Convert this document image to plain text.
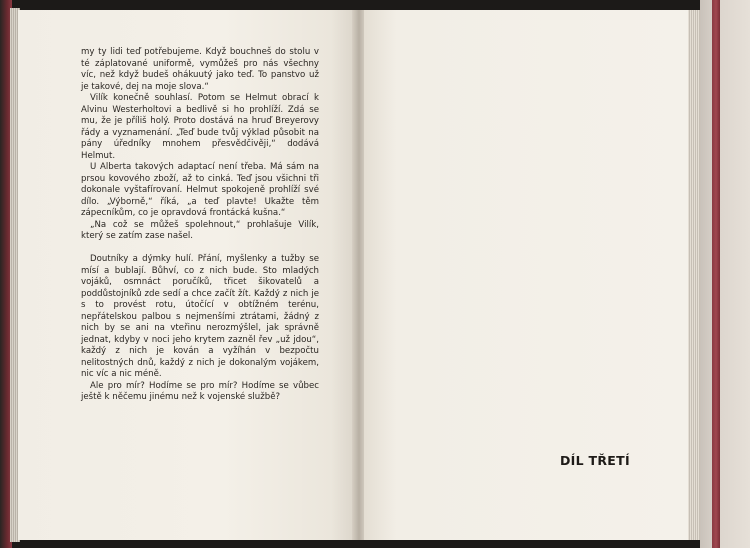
my ty lidi teď potřebujeme. Když bouchneš do stolu v té záplatované uniformě, vymůžeš pro nás všechny víc, než když budeš ohákuutý jako teď. To panstvo už je takové, dej na moje slova.“

Vilík konečně souhlasí. Potom se Helmut obrací k Alvinu Westerholtovi a bedlivě si ho prohlíží. Zdá se mu, že je příliš holý. Proto dostává na hruď Breyerovy řády a vyznamenání. „Teď bude tvůj výklad působit na pány úředníky mnohem přesvědčivěji,“ dodává Helmut.

U Alberta takových adaptací není třeba. Má sám na prsou kovového zboží, až to cinká. Teď jsou všichni tři dokonale vyštafírovaní. Helmut spokojeně prohlíží své dílo. „Výborně,“ říká, „a teď plavte! Ukažte těm zápecníkům, co je opravdová frontácká kušna.“

„Na což se můžeš spolehnout,“ prohlašuje Vilík, který se zatím zase našel.

Doutníky a dýmky hulí. Přání, myšlenky a tužby se mísí a bublají. Bůhví, co z nich bude. Sto mladých vojáků, osmnáct poručíků, třicet šikovatelů a poddůstojníků zde sedí a chce začít žít. Každý z nich je s to provést rotu, útočící v obtížném terénu, nepřátelskou palbou s nejmenšími ztrátami, žádný z nich by se ani na vteřinu nerozmýšlel, jak správně jednat, kdyby v noci jeho krytem zazněl řev „už jdou“, každý z nich je kován a vyžíhán v bezpočtu nelitostných dnů, každý z nich je dokonalým vojákem, nic víc a nic méně.

Ale pro mír? Hodíme se pro mír? Hodíme se vůbec ještě k něčemu jinému než k vojenské službě?

DÍL TŘETÍ
